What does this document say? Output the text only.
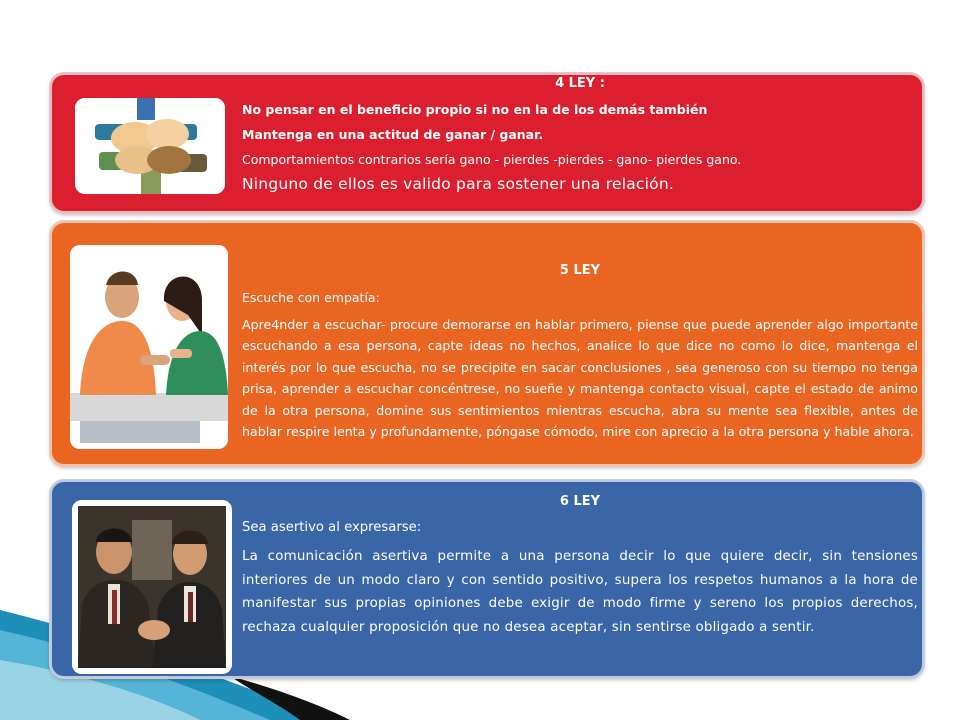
4 LEY :

No pensar en el beneficio propio si no en la de los demás también

Mantenga en una actitud de ganar / ganar.

Comportamientos contrarios sería gano - pierdes -pierdes - gano- pierdes gano.

Ninguno de ellos es valido para sostener una relación.

5 LEY

Escuche con empatía:

Apre4nder a escuchar- procure demorarse en hablar primero, piense que puede aprender algo importante escuchando a esa persona, capte ideas no hechos, analice lo que dice no como lo dice, mantenga el interés por lo que escucha, no se precipite en sacar conclusiones , sea generoso con su tiempo no tenga prisa, aprender a escuchar concéntrese, no sueñe y mantenga contacto visual, capte el estado de animo de la otra persona, domine sus sentimientos mientras escucha, abra su mente sea flexible, antes de hablar respire lenta y profundamente, póngase cómodo, mire con aprecio a la otra persona y hable ahora.

6 LEY

Sea asertivo al expresarse:

La comunicación asertiva permite a una persona decir lo que quiere decir, sin tensiones interiores de un modo claro y con sentido positivo, supera los respetos humanos a la hora de manifestar sus propias opiniones debe exigir de modo firme y sereno los propios derechos, rechaza cualquier proposición que no desea aceptar, sin sentirse obligado a sentir.
